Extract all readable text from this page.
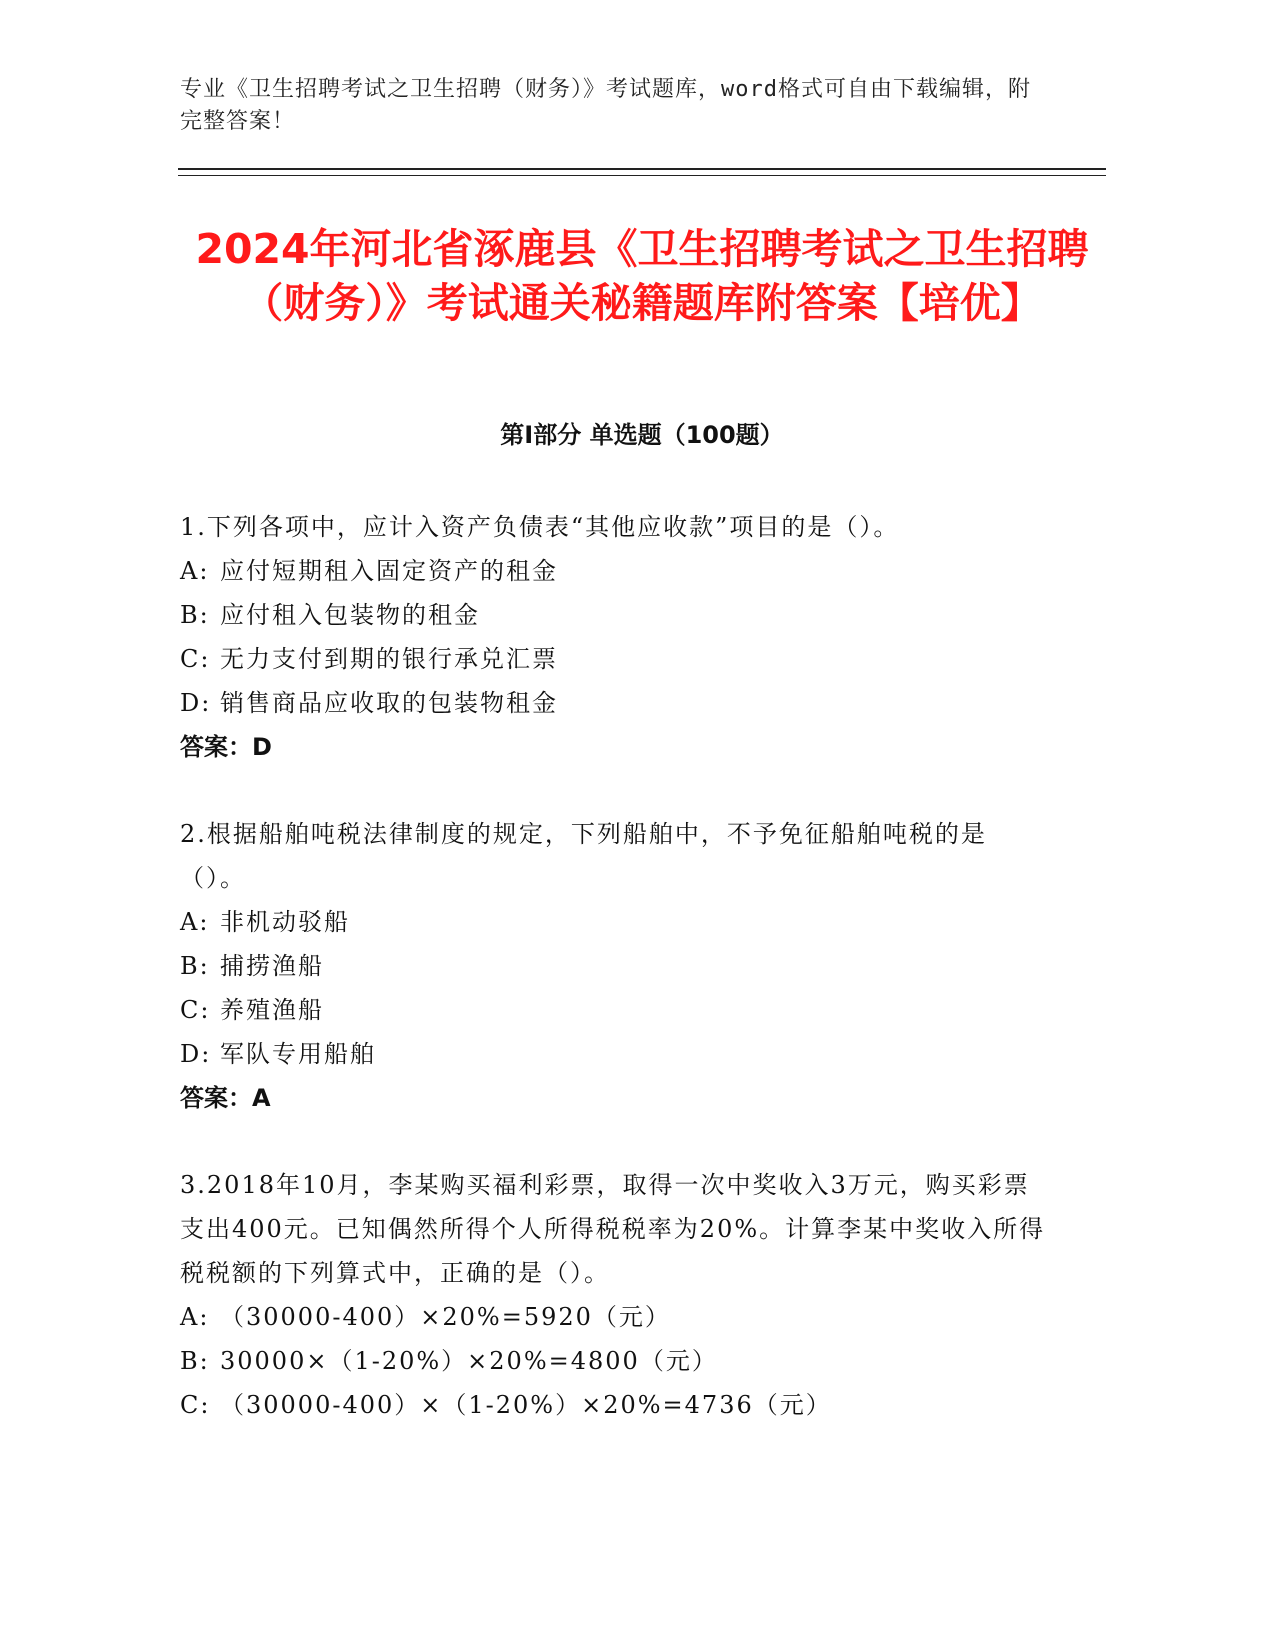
专业《卫生招聘考试之卫生招聘（财务）》考试题库，word格式可自由下载编辑，附完整答案！

2024年河北省涿鹿县《卫生招聘考试之卫生招聘（财务）》考试通关秘籍题库附答案【培优】
第I部分 单选题（100题）

1.下列各项中，应计入资产负债表“其他应收款”项目的是（）。

A: 应付短期租入固定资产的租金

B: 应付租入包装物的租金

C: 无力支付到期的银行承兑汇票

D: 销售商品应收取的包装物租金

答案：D

2.根据船舶吨税法律制度的规定，下列船舶中，不予免征船舶吨税的是（）。

A: 非机动驳船

B: 捕捞渔船

C: 养殖渔船

D: 军队专用船舶

答案：A

3.2018年10月，李某购买福利彩票，取得一次中奖收入3万元，购买彩票支出400元。已知偶然所得个人所得税税率为20%。计算李某中奖收入所得税税额的下列算式中，正确的是（）。

A: （30000-400）×20%=5920（元）

B: 30000×（1-20%）×20%=4800（元）

C: （30000-400）×（1-20%）×20%=4736（元）
